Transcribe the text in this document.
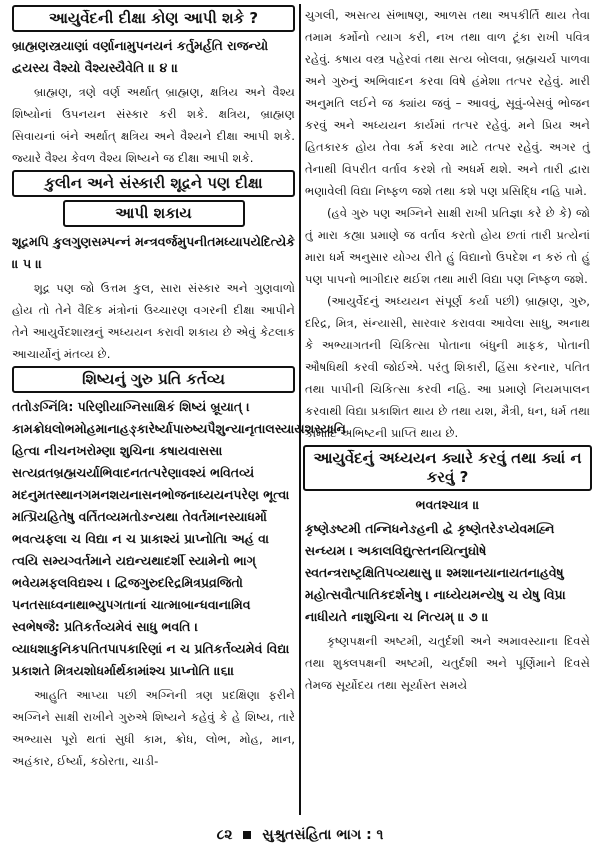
આયુર્વેદની દીક્ષા કોણ આપી શકે ?

બ્રાહ્મણસ્ત્રયાણાં વર્ણાનામુપનયનં કર્તુમર્હતિ રાજન્યો દ્વયસ્ય વૈશ્યો વૈશ્યસ્યૈવેતિ ॥ ૪ ॥

બ્રાહ્મણ, ત્રણે વર્ણ અર્થાત્ બ્રાહ્મણ, ક્ષત્રિય અને વૈશ્ય શિષ્યોનાં ઉપનયન સંસ્કાર કરી શકે. ક્ષત્રિય, બ્રાહ્મણ સિવાયનાં બંને અર્થાત્ ક્ષત્રિય અને વૈશ્યને દીક્ષા આપી શકે. જ્યારે વૈશ્ય કેવળ વૈશ્ય શિષ્યને જ દીક્ષા આપી શકે.

કુલીન અને સંસ્કારી શૂદ્રને પણ દીક્ષા
આપી શકાય

શૂદ્રમપિ કુલગુણસમ્પન્નં મન્ત્રવર્જમુપનીતમધ્યાપયેદિત્યેકે ॥ ૫ ॥

શૂદ્ર પણ જો ઉત્તમ કુલ, સારા સંસ્કાર અને ગુણવાળો હોય તો તેને વૈદિક મંત્રોનાં ઉચ્ચારણ વગરની દીક્ષા આપીને તેને આયુર્વેદશાસ્ત્રનું અધ્યયન કરાવી શકાય છે એવું કેટલાક આચાર્યોનું મંતવ્ય છે.

શિષ્યનું ગુરુ પ્રતિ કર્તવ્ય

તતોઙગ્નિંત્રિ: પરિણીયાગ્નિસાક્ષિકં શિષ્યં બ્રૂયાત્ । કામક્રોધલોભમોહમાનાહઙ્કારેર્ષ્યાપારુષ્યપૈશુન્યાનૃતાલસ્યાયશસ્યાનિ હિત્વા નીચનખરોમ્ણા શુચિના કષાયવાસસા સત્યવ્રતબ્રહ્મચર્યાભિવાદનતત્પરેણાવશ્યં ભવિતવ્યં મદનુમતસ્થાનગમનશયનાસનભોજનાધ્યયનપરેણ ભૂત્વા મત્પ્રિયહિતેષુ વર્તિતવ્યમતોઙન્યથા તેવર્તમાનસ્યાધર્મો ભવત્યફલા ચ વિદ્યા ન ચ પ્રાકાશ્યં પ્રાપ્નોતિ। અહં વા ત્વયિ સમ્યગ્વર્તમાને યદ્યન્યથાદર્શી સ્યામેનો ભાગ્ ભવેયમફલવિદ્યશ્ચ । દ્વિજગુરુદરિદ્રમિત્રપ્રવ્રજિતો પનતસાધ્વનાથાભ્યુપગતાનાં ચાત્માબાન્ધવાનામિવ સ્વભેષજૈ: પ્રતિકર્તવ્યમેવં સાધુ ભવતિ । વ્યાધશાકુનિકપતિતપાપકારિણાં ન ચ પ્રતિકર્તવ્યમેવં વિદ્યા પ્રકાશતે મિત્રયશોધર્માર્થકામાંશ્ચ પ્રાપ્નોતિ ॥૬॥

આહુતિ આપ્યા પછી અગ્નિની ત્રણ પ્રદક્ષિણા ફરીને અગ્નિને સાક્ષી રાખીને ગુરુએ શિષ્યને કહેવું કે હે શિષ્ય, તારે અભ્યાસ પૂરો થતાં સુધી કામ, ક્રોધ, લોભ, મોહ, માન, અહંકાર, ઈર્ષ્યા, કઠોરતા, ચાડી-

ચુગલી, અસત્ય સંભાષણ, આળસ તથા અપકીર્તિ થાય તેવા તમામ કર્મોનો ત્યાગ કરી, નખ તથા વાળ ટૂંકા રાખી પવિત્ર રહેવું. કષાય વસ્ત્ર પહેરવાં તથા સત્ય બોલવા, બ્રહ્મચર્ય પાળવા અને ગુરુનું અભિવાદન કરવા વિષે હંમેશા તત્પર રહેવું. મારી અનુમતિ લઈને જ ક્યાંય જવું – આવવું, સૂવું-બેસવું ભોજન કરવું અને અધ્યયન કાર્યમાં તત્પર રહેવું. મને પ્રિય અને હિતકારક હોય તેવા કર્મ કરવા માટે તત્પર રહેવું. અગર તું તેનાથી વિપરીત વર્તાવ કરશે તો અધર્મ થશે. અને તારી દ્વારા ભણાવેલી વિદ્યા નિષ્ફળ જશે તથા કશે પણ પ્રસિદ્ધિ નહિ પામે.

(હવે ગુરુ પણ અગ્નિને સાક્ષી રાખી પ્રતિજ્ઞા કરે છે કે) જો તું મારા કહ્યા પ્રમાણે જ વર્તાવ કરતો હોય છતાં તારી પ્રત્યેનાં મારા ધર્મ અનુસાર યોગ્ય રીતે હું વિદ્યાનો ઉપદેશ ન કરું તો હું પણ પાપનો ભાગીદાર થઈશ તથા મારી વિદ્યા પણ નિષ્ફળ જશે.

(આયુર્વેદનું અધ્યયન સંપૂર્ણ કર્યા પછી) બ્રાહ્મણ, ગુરુ, દરિદ્ર, મિત્ર, સંન્યાસી, સારવાર કરાવવા આવેલા સાધુ, અનાથ કે અભ્યાગતની ચિકિત્સા પોતાના બંધુની માફક, પોતાની ઔષધિથી કરવી જોઈએ. પરંતુ શિકારી, હિંસા કરનાર, પતિત તથા પાપીની ચિકિત્સા કરવી નહિ. આ પ્રમાણે નિયમપાલન કરવાથી વિદ્યા પ્રકાશિત થાય છે તથા યશ, મૈત્રી, ધન, ધર્મ તથા કામાદિ અભિષ્ટની પ્રાપ્તિ થાય છે.

આયુર્વેદનું અધ્યયન ક્યારે કરવું તથા ક્યાં ન
કરવું ?

ભવતશ્ચાત્ર ॥

કૃષ્ણેઙષ્ટમી તન્નિધનેઙહની દ્વે કૃષ્ણેતરેઙપ્યેવમહ્નિ સન્ધ્યમ । અકાલવિદ્યુત્સ્તનયિત્નુઘોષે સ્વતન્ત્રરાષ્ટ્રક્ષિતિપવ્યથાસુ ॥ શ્મશાનયાનાયતનાહવેષુ મહોત્સવૌત્પાતિકદર્શનેષુ । નાધ્યેયમન્યેષુ ચ યેષુ વિપ્રા નાધીયતે નાશુચિના ચ નિત્યમ્ ॥ ૭ ॥

કૃષ્ણપક્ષની અષ્ટમી, ચતુર્દશી અને અમાવસ્યાના દિવસે તથા શુક્લપક્ષની અષ્ટમી, ચતુર્દશી અને પૂર્ણિમાને દિવસે તેમજ સૂર્યોદય તથા સૂર્યાસ્ત સમયે

૮૨ સુશ્રુતસંહિતા ભાગ : ૧
